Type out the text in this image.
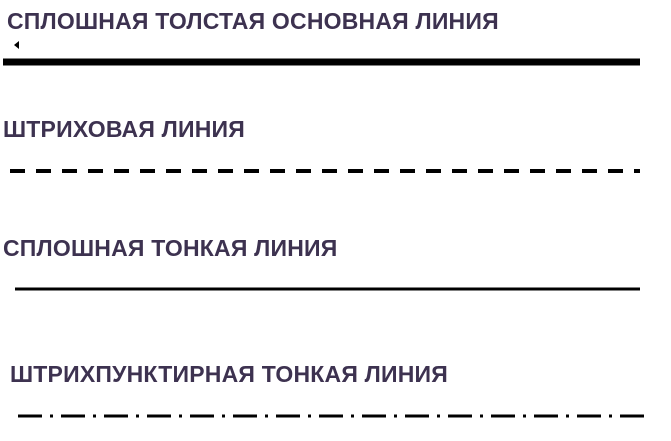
СПЛОШНАЯ ТОЛСТАЯ ОСНОВНАЯ ЛИНИЯ

ШТРИХОВАЯ ЛИНИЯ

СПЛОШНАЯ ТОНКАЯ ЛИНИЯ

ШТРИХПУНКТИРНАЯ ТОНКАЯ ЛИНИЯ
